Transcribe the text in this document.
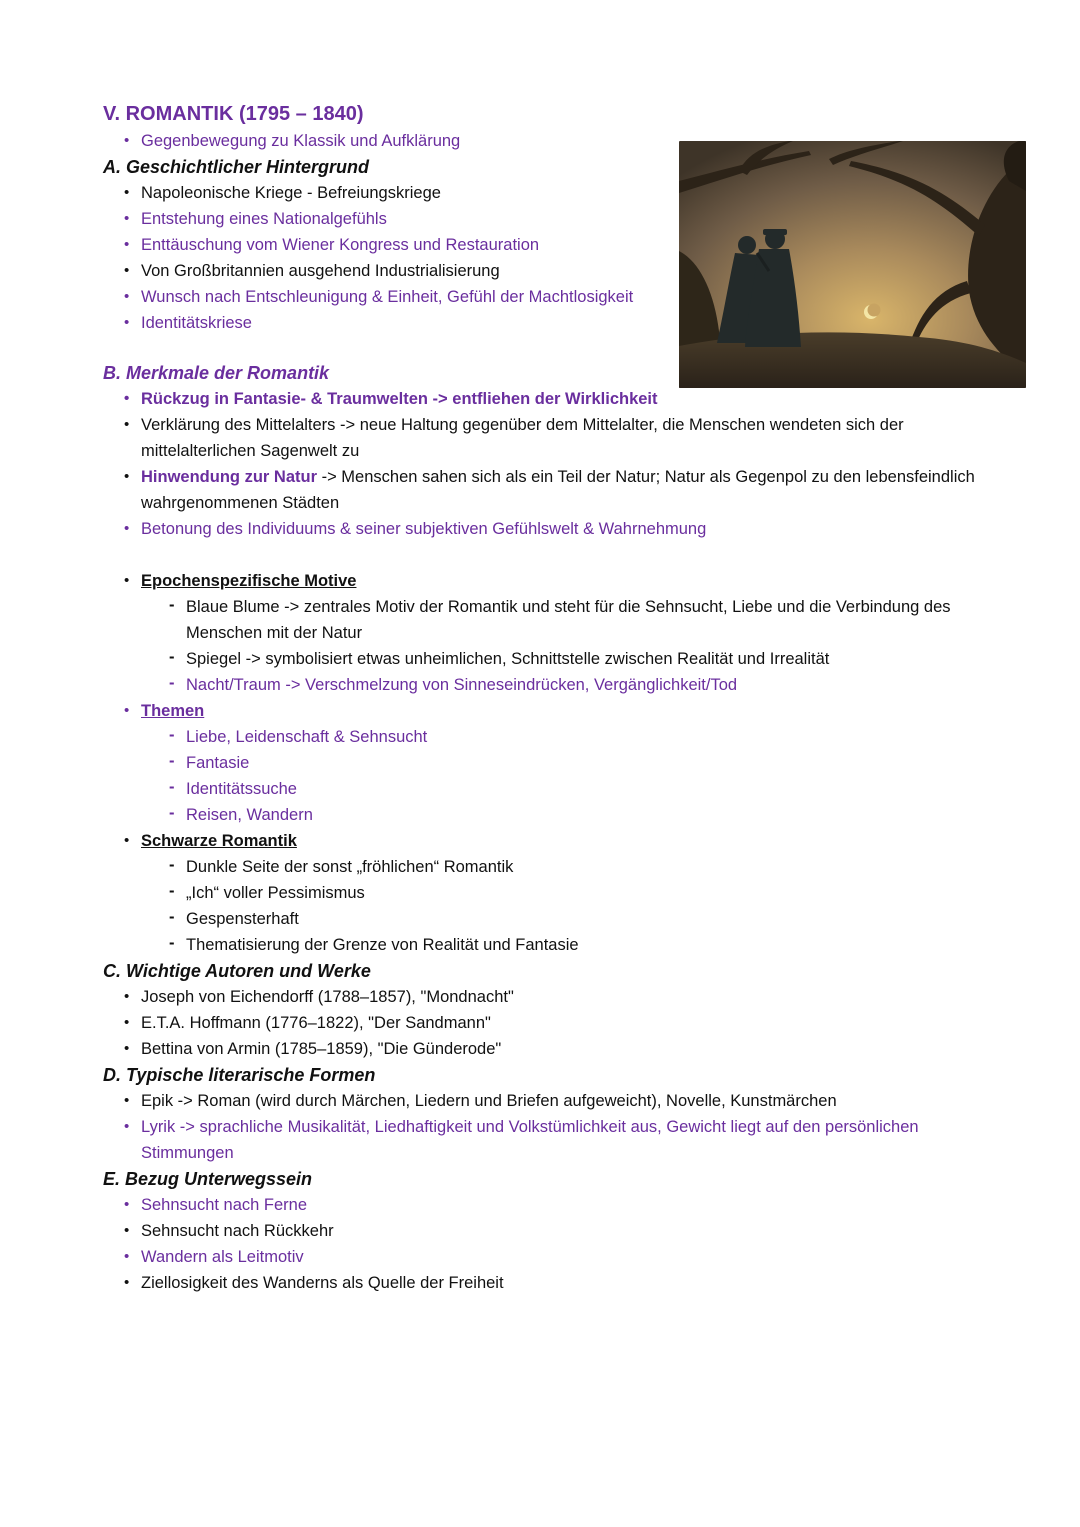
V. ROMANTIK (1795 – 1840)
• Gegenbewegung zu Klassik und Aufklärung
A. Geschichtlicher Hintergrund
• Napoleonische Kriege - Befreiungskriege
• Entstehung eines Nationalgefühls
• Enttäuschung vom Wiener Kongress und Restauration
• Von Großbritannien ausgehend Industrialisierung
• Wunsch nach Entschleunigung & Einheit, Gefühl der Machtlosigkeit
• Identitätskriese
B. Merkmale der Romantik
• Rückzug in Fantasie- & Traumwelten -> entfliehen der Wirklichkeit
• Verklärung des Mittelalters -> neue Haltung gegenüber dem Mittelalter, die Menschen wendeten sich der mittelalterlichen Sagenwelt zu
• Hinwendung zur Natur -> Menschen sahen sich als ein Teil der Natur; Natur als Gegenpol zu den lebensfeindlich wahrgenommenen Städten
• Betonung des Individuums & seiner subjektiven Gefühlswelt & Wahrnehmung
• Epochenspezifische Motive
- Blaue Blume -> zentrales Motiv der Romantik und steht für die Sehnsucht, Liebe und die Verbindung des Menschen mit der Natur
- Spiegel -> symbolisiert etwas unheimlichen, Schnittstelle zwischen Realität und Irrealität
- Nacht/Traum -> Verschmelzung von Sinneseindrücken, Vergänglichkeit/Tod
• Themen
- Liebe, Leidenschaft & Sehnsucht
- Fantasie
- Identitätssuche
- Reisen, Wandern
• Schwarze Romantik
- Dunkle Seite der sonst „fröhlichen“ Romantik
- „Ich“ voller Pessimismus
- Gespensterhaft
- Thematisierung der Grenze von Realität und Fantasie
C. Wichtige Autoren und Werke
• Joseph von Eichendorff (1788–1857), "Mondnacht"
• E.T.A. Hoffmann (1776–1822), "Der Sandmann"
• Bettina von Armin (1785–1859), "Die Günderode"
D. Typische literarische Formen
• Epik -> Roman (wird durch Märchen, Liedern und Briefen aufgeweicht), Novelle, Kunstmärchen
• Lyrik -> sprachliche Musikalität, Liedhaftigkeit und Volkstümlichkeit aus, Gewicht liegt auf den persönlichen Stimmungen
E. Bezug Unterwegssein
• Sehnsucht nach Ferne
• Sehnsucht nach Rückkehr
• Wandern als Leitmotiv
• Ziellosigkeit des Wanderns als Quelle der Freiheit
